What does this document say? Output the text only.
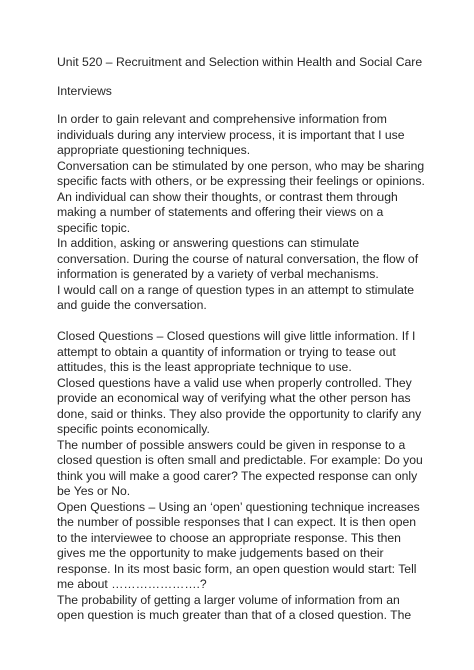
Unit 520 – Recruitment and Selection within Health and Social Care

Interviews

In order to gain relevant and comprehensive information from individuals during any interview process, it is important that I use appropriate questioning techniques.

Conversation can be stimulated by one person, who may be sharing specific facts with others, or be expressing their feelings or opinions.

An individual can show their thoughts, or contrast them through making a number of statements and offering their views on a specific topic.

In addition, asking or answering questions can stimulate conversation. During the course of natural conversation, the flow of information is generated by a variety of verbal mechanisms.

I would call on a range of question types in an attempt to stimulate and guide the conversation.

Closed Questions – Closed questions will give little information. If I attempt to obtain a quantity of information or trying to tease out attitudes, this is the least appropriate technique to use.

Closed questions have a valid use when properly controlled. They provide an economical way of verifying what the other person has done, said or thinks. They also provide the opportunity to clarify any specific points economically.

The number of possible answers could be given in response to a closed question is often small and predictable. For example: Do you think you will make a good carer? The expected response can only be Yes or No.

Open Questions – Using an ‘open’ questioning technique increases the number of possible responses that I can expect. It is then open to the interviewee to choose an appropriate response. This then gives me the opportunity to make judgements based on their response. In its most basic form, an open question would start: Tell me about ………………….?

The probability of getting a larger volume of information from an open question is much greater than that of a closed question. The
